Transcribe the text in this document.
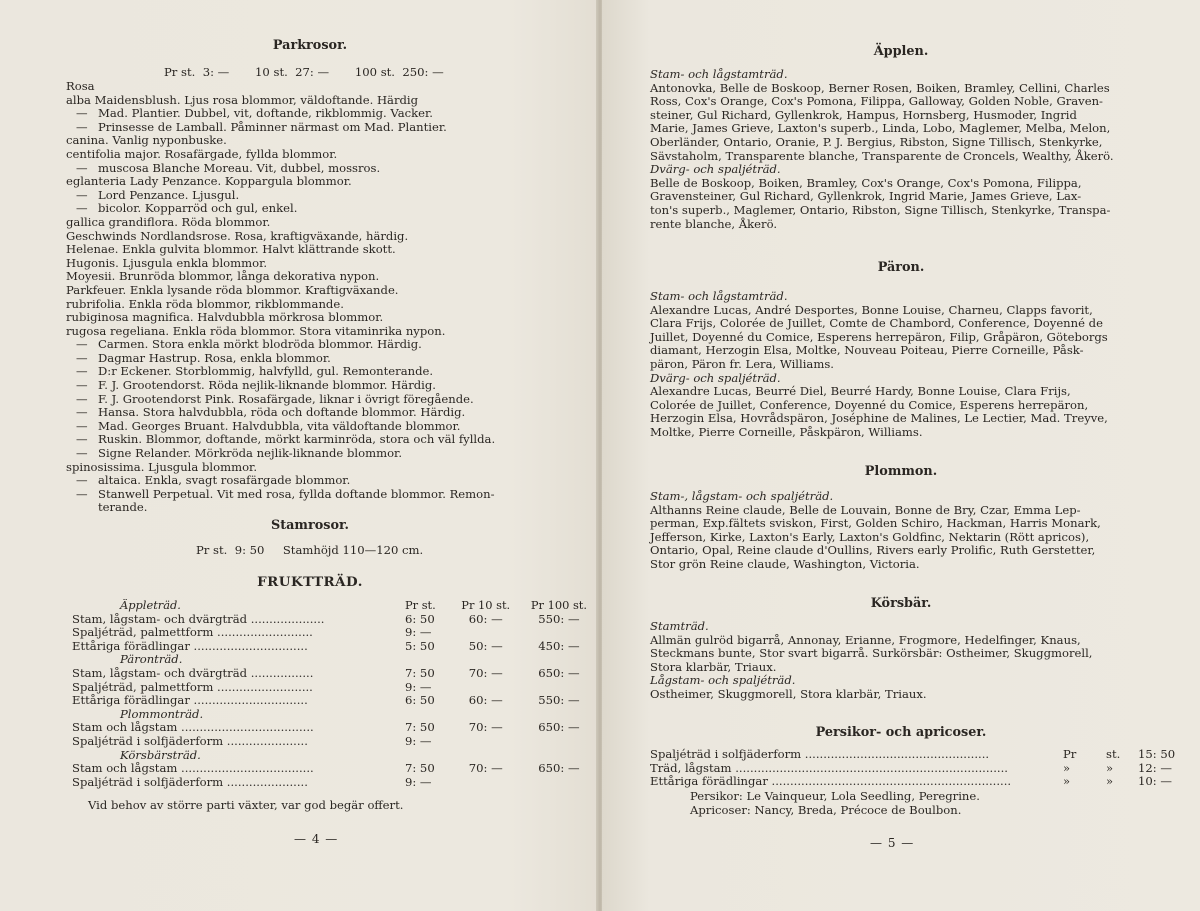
Parkrosor.
Pr st.  3: —       10 st.  27: —       100 st.  250: —
Rosa
alba Maidensblush. Ljus rosa blommor, väldoftande. Härdig
— Mad. Plantier. Dubbel, vit, doftande, rikblommig. Vacker.
— Prinsesse de Lamball. Påminner närmast om Mad. Plantier.
canina. Vanlig nyponbuske.
centifolia major. Rosafärgade, fyllda blommor.
— muscosa Blanche Moreau. Vit, dubbel, mossros.
eglanteria Lady Penzance. Koppargula blommor.
— Lord Penzance. Ljusgul.
— bicolor. Kopparröd och gul, enkel.
gallica grandiflora. Röda blommor.
Geschwinds Nordlandsrose. Rosa, kraftigväxande, härdig.
Helenae. Enkla gulvita blommor. Halvt klättrande skott.
Hugonis. Ljusgula enkla blommor.
Moyesii. Brunröda blommor, långa dekorativa nypon.
Parkfeuer. Enkla lysande röda blommor. Kraftigväxande.
rubrifolia. Enkla röda blommor, rikblommande.
rubiginosa magnifica. Halvdubbla mörkrosa blommor.
rugosa regeliana. Enkla röda blommor. Stora vitaminrika nypon.
— Carmen. Stora enkla mörkt blodröda blommor. Härdig.
— Dagmar Hastrup. Rosa, enkla blommor.
— D:r Eckener. Storblommig, halvfylld, gul. Remonterande.
— F. J. Grootendorst. Röda nejlik-liknande blommor. Härdig.
— F. J. Grootendorst Pink. Rosafärgade, liknar i övrigt föregående.
— Hansa. Stora halvdubbla, röda och doftande blommor. Härdig.
— Mad. Georges Bruant. Halvdubbla, vita väldoftande blommor.
— Ruskin. Blommor, doftande, mörkt karminröda, stora och väl fyllda.
— Signe Relander. Mörkröda nejlik-liknande blommor.
spinosissima. Ljusgula blommor.
— altaica. Enkla, svagt rosafärgade blommor.
— Stanwell Perpetual. Vit med rosa, fyllda doftande blommor. Remon-
terande.
Stamrosor.
Pr st.  9: 50     Stamhöjd 110—120 cm.
FRUKTTRÄD.
Äppleträd.	Pr st.	Pr 10 st.	Pr 100 st.
Stam, lågstam- och dvärgträd ....................	6: 50	60: —	550: —
Spaljéträd, palmettform ..........................	9: —		
Ettåriga förädlingar ...............................	5: 50	50: —	450: —
Päronträd.			
Stam, lågstam- och dvärgträd .................	7: 50	70: —	650: —
Spaljéträd, palmettform ..........................	9: —		
Ettåriga förädlingar ...............................	6: 50	60: —	550: —
Plommonträd.			
Stam och lågstam ....................................	7: 50	70: —	650: —
Spaljéträd i solfjäderform ......................	9: —		
Körsbärsträd.			
Stam och lågstam ....................................	7: 50	70: —	650: —
Spaljéträd i solfjäderform ......................	9: —		
Vid behov av större parti växter, var god begär offert.
— 4 —
Äpplen.
Stam- och lågstamträd.
Antonovka, Belle de Boskoop, Berner Rosen, Boiken, Bramley, Cellini, Charles
Ross, Cox's Orange, Cox's Pomona, Filippa, Galloway, Golden Noble, Graven-
steiner, Gul Richard, Gyllenkrok, Hampus, Hornsberg, Husmoder, Ingrid
Marie, James Grieve, Laxton's superb., Linda, Lobo, Maglemer, Melba, Melon,
Oberländer, Ontario, Oranie, P. J. Bergius, Ribston, Signe Tillisch, Stenkyrke,
Sävstaholm, Transparente blanche, Transparente de Croncels, Wealthy, Åkerö.
Dvärg- och spaljéträd.
Belle de Boskoop, Boiken, Bramley, Cox's Orange, Cox's Pomona, Filippa,
Gravensteiner, Gul Richard, Gyllenkrok, Ingrid Marie, James Grieve, Lax-
ton's superb., Maglemer, Ontario, Ribston, Signe Tillisch, Stenkyrke, Transpa-
rente blanche, Åkerö.
Päron.
Stam- och lågstamträd.
Alexandre Lucas, André Desportes, Bonne Louise, Charneu, Clapps favorit,
Clara Frijs, Colorée de Juillet, Comte de Chambord, Conference, Doyenné de
Juillet, Doyenné du Comice, Esperens herrepäron, Filip, Gråpäron, Göteborgs
diamant, Herzogin Elsa, Moltke, Nouveau Poiteau, Pierre Corneille, Påsk-
päron, Päron fr. Lera, Williams.
Dvärg- och spaljéträd.
Alexandre Lucas, Beurré Diel, Beurré Hardy, Bonne Louise, Clara Frijs,
Colorée de Juillet, Conference, Doyenné du Comice, Esperens herrepäron,
Herzogin Elsa, Hovrådspäron, Joséphine de Malines, Le Lectier, Mad. Treyve,
Moltke, Pierre Corneille, Påskpäron, Williams.
Plommon.
Stam-, lågstam- och spaljéträd.
Althanns Reine claude, Belle de Louvain, Bonne de Bry, Czar, Emma Lep-
perman, Exp.fältets sviskon, First, Golden Schiro, Hackman, Harris Monark,
Jefferson, Kirke, Laxton's Early, Laxton's Goldfinc, Nektarin (Rött apricos),
Ontario, Opal, Reine claude d'Oullins, Rivers early Prolific, Ruth Gerstetter,
Stor grön Reine claude, Washington, Victoria.
Körsbär.
Stamträd.
Allmän gulröd bigarrå, Annonay, Erianne, Frogmore, Hedelfinger, Knaus,
Steckmans bunte, Stor svart bigarrå. Surkörsbär: Ostheimer, Skuggmorell,
Stora klarbär, Triaux.
Lågstam- och spaljéträd.
Ostheimer, Skuggmorell, Stora klarbär, Triaux.
Persikor- och apricoser.
Spaljéträd i solfjäderform ..................................................	Pr	st. 15: 50
Träd, lågstam ..........................................................................	»	» 12: —
Ettåriga förädlingar .................................................................	»	» 10: —
Persikor: Le Vainqueur, Lola Seedling, Peregrine.
Apricoser: Nancy, Breda, Précoce de Boulbon.
— 5 —
